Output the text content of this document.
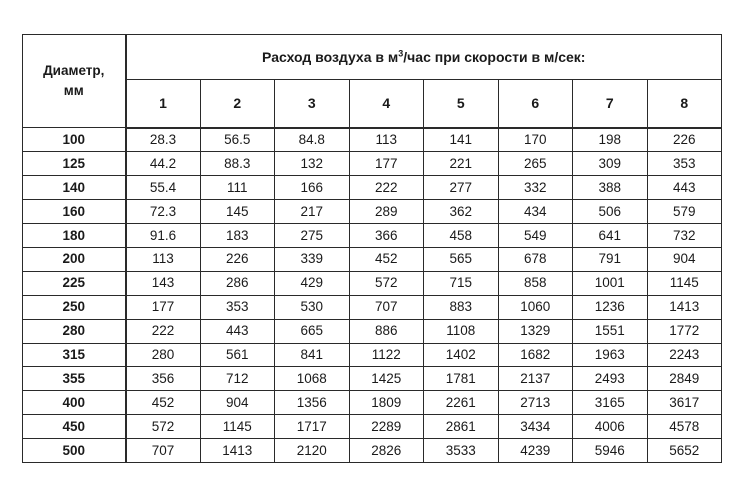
Диаметр,
мм	Расход воздуха в $м^3$/час при скорости в м/сек:							
	1	2	3	4	5	6	7	8
100	28.3	56.5	84.8	113	141	170	198	226
125	44.2	88.3	132	177	221	265	309	353
140	55.4	111	166	222	277	332	388	443
160	72.3	145	217	289	362	434	506	579
180	91.6	183	275	366	458	549	641	732
200	113	226	339	452	565	678	791	904
225	143	286	429	572	715	858	1001	1145
250	177	353	530	707	883	1060	1236	1413
280	222	443	665	886	1108	1329	1551	1772
315	280	561	841	1122	1402	1682	1963	2243
355	356	712	1068	1425	1781	2137	2493	2849
400	452	904	1356	1809	2261	2713	3165	3617
450	572	1145	1717	2289	2861	3434	4006	4578
500	707	1413	2120	2826	3533	4239	5946	5652
